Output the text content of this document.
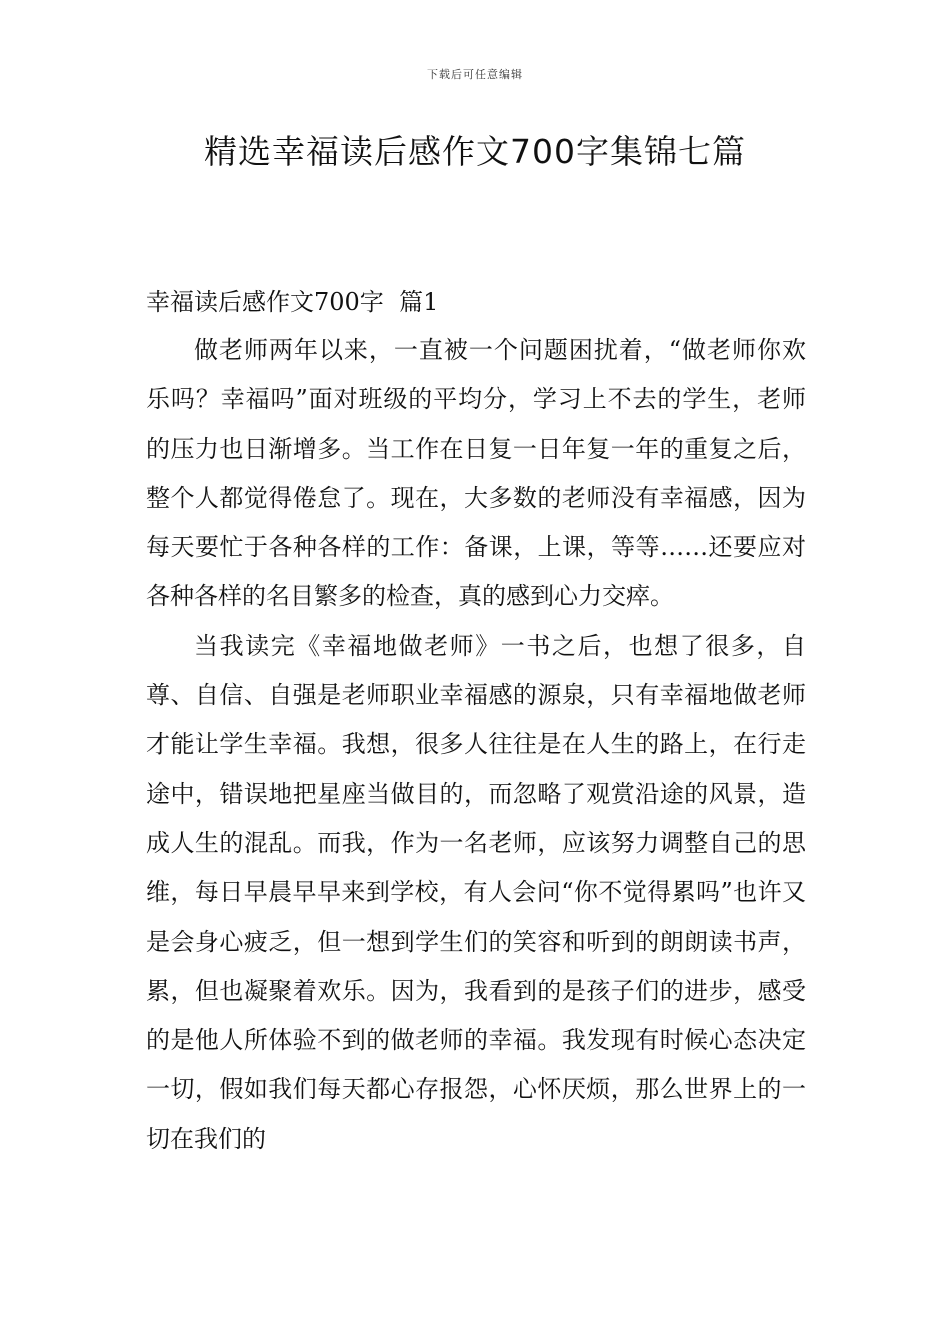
下载后可任意编辑
精选幸福读后感作文700字集锦七篇
幸福读后感作文700字  篇1

做老师两年以来，一直被一个问题困扰着，“做老师你欢乐吗？幸福吗”面对班级的平均分，学习上不去的学生，老师的压力也日渐增多。当工作在日复一日年复一年的重复之后，整个人都觉得倦怠了。现在，大多数的老师没有幸福感，因为每天要忙于各种各样的工作：备课，上课，等等……还要应对各种各样的名目繁多的检查，真的感到心力交瘁。

当我读完《幸福地做老师》一书之后，也想了很多，自尊、自信、自强是老师职业幸福感的源泉，只有幸福地做老师才能让学生幸福。我想，很多人往往是在人生的路上，在行走途中，错误地把星座当做目的，而忽略了观赏沿途的风景，造成人生的混乱。而我，作为一名老师，应该努力调整自己的思维，每日早晨早早来到学校，有人会问“你不觉得累吗”也许又是会身心疲乏，但一想到学生们的笑容和听到的朗朗读书声，累，但也凝聚着欢乐。因为，我看到的是孩子们的进步，感受的是他人所体验不到的做老师的幸福。我发现有时候心态决定一切，假如我们每天都心存报怨，心怀厌烦，那么世界上的一切在我们的
